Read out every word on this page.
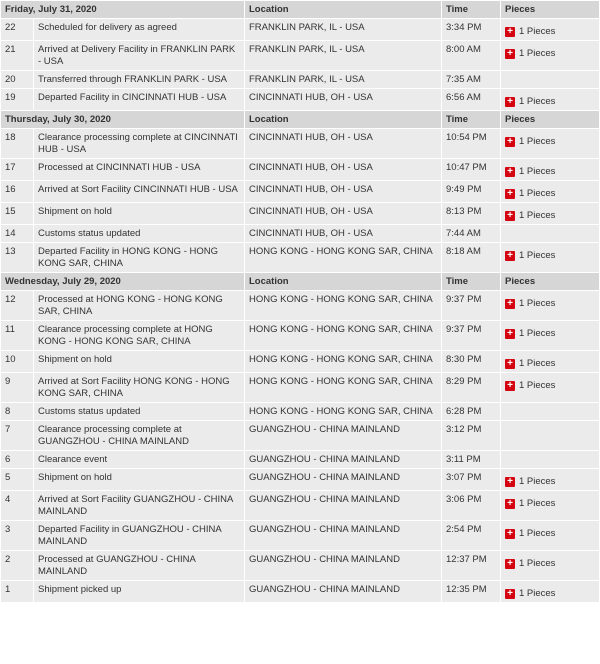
Friday, July 31, 2020		Location	Time	Pieces
22	Scheduled for delivery as agreed	FRANKLIN PARK, IL - USA	3:34 PM	+ 1 Pieces

21	Arrived at Delivery Facility in FRANKLIN PARK - USA	FRANKLIN PARK, IL - USA	8:00 AM	+ 1 Pieces

20	Transferred through FRANKLIN PARK - USA	FRANKLIN PARK, IL - USA	7:35 AM	
19	Departed Facility in CINCINNATI HUB - USA	CINCINNATI HUB, OH - USA	6:56 AM	+ 1 Pieces

Thursday, July 30, 2020		Location	Time	Pieces
18	Clearance processing complete at CINCINNATI HUB - USA	CINCINNATI HUB, OH - USA	10:54 PM	+ 1 Pieces

17	Processed at CINCINNATI HUB - USA	CINCINNATI HUB, OH - USA	10:47 PM	+ 1 Pieces

16	Arrived at Sort Facility CINCINNATI HUB - USA	CINCINNATI HUB, OH - USA	9:49 PM	+ 1 Pieces

15	Shipment on hold	CINCINNATI HUB, OH - USA	8:13 PM	+ 1 Pieces

14	Customs status updated	CINCINNATI HUB, OH - USA	7:44 AM	
13	Departed Facility in HONG KONG - HONG KONG SAR, CHINA	HONG KONG - HONG KONG SAR, CHINA	8:18 AM	+ 1 Pieces

Wednesday, July 29, 2020		Location	Time	Pieces
12	Processed at HONG KONG - HONG KONG SAR, CHINA	HONG KONG - HONG KONG SAR, CHINA	9:37 PM	+ 1 Pieces

11	Clearance processing complete at HONG KONG - HONG KONG SAR, CHINA	HONG KONG - HONG KONG SAR, CHINA	9:37 PM	+ 1 Pieces

10	Shipment on hold	HONG KONG - HONG KONG SAR, CHINA	8:30 PM	+ 1 Pieces

9	Arrived at Sort Facility HONG KONG - HONG KONG SAR, CHINA	HONG KONG - HONG KONG SAR, CHINA	8:29 PM	+ 1 Pieces

8	Customs status updated	HONG KONG - HONG KONG SAR, CHINA	6:28 PM	
7	Clearance processing complete at GUANGZHOU - CHINA MAINLAND	GUANGZHOU - CHINA MAINLAND	3:12 PM	
6	Clearance event	GUANGZHOU - CHINA MAINLAND	3:11 PM	
5	Shipment on hold	GUANGZHOU - CHINA MAINLAND	3:07 PM	+ 1 Pieces

4	Arrived at Sort Facility GUANGZHOU - CHINA MAINLAND	GUANGZHOU - CHINA MAINLAND	3:06 PM	+ 1 Pieces

3	Departed Facility in GUANGZHOU - CHINA MAINLAND	GUANGZHOU - CHINA MAINLAND	2:54 PM	+ 1 Pieces

2	Processed at GUANGZHOU - CHINA MAINLAND	GUANGZHOU - CHINA MAINLAND	12:37 PM	+ 1 Pieces

1	Shipment picked up	GUANGZHOU - CHINA MAINLAND	12:35 PM	+ 1 Pieces
